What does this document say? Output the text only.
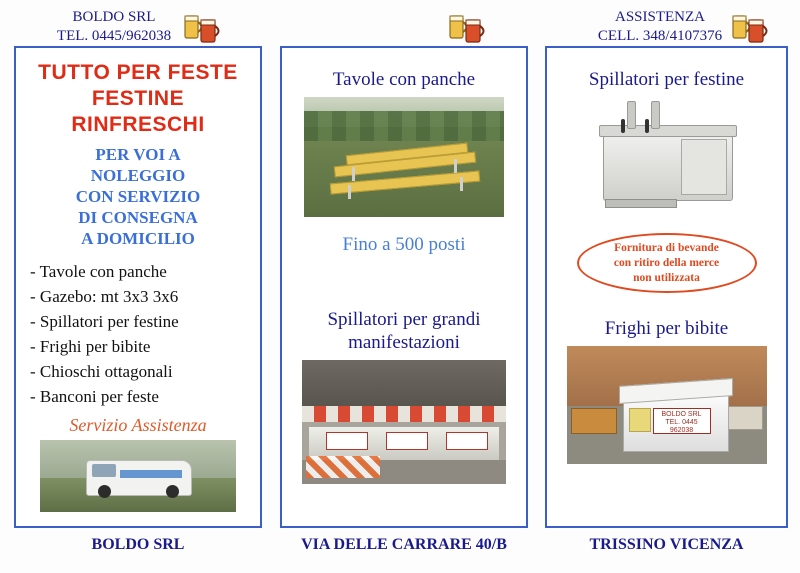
BOLDO SRL
TEL. 0445/962038
ASSISTENZA
CELL. 348/4107376
TUTTO PER FESTE
FESTINE
RINFRESCHI
PER VOI A
NOLEGGIO
CON SERVIZIO
DI CONSEGNA
A DOMICILIO
- Tavole con panche
- Gazebo: mt 3x3 3x6
- Spillatori per festine
- Frighi per bibite
- Chioschi ottagonali
- Banconi per feste
Servizio Assistenza
Tavole con panche
Fino a 500 posti
Spillatori per grandi
manifestazioni
Spillatori per festine
Fornitura di bevande
con ritiro della merce
non utilizzata
Frighi per bibite
BOLDO SRL
TEL. 0445 962038
BOLDO SRL	VIA DELLE CARRARE 40/B	TRISSINO VICENZA
